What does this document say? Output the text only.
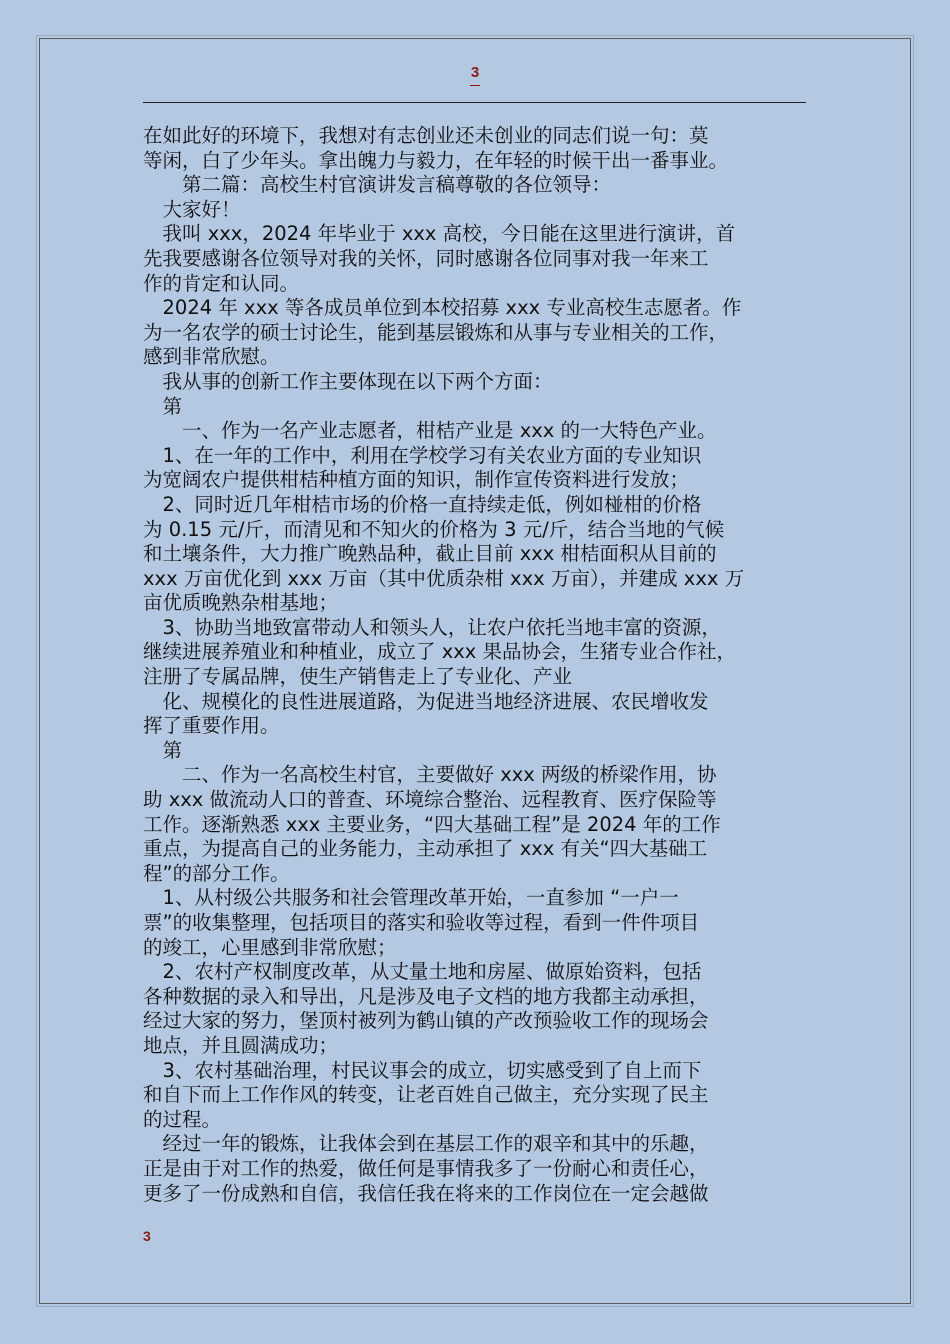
3
在如此好的环境下，我想对有志创业还未创业的同志们说一句：莫
等闲，白了少年头。拿出魄力与毅力，在年轻的时候干出一番事业。
　　第二篇：高校生村官演讲发言稿尊敬的各位领导：
　大家好！
　我叫 xxx，2024 年毕业于 xxx 高校，今日能在这里进行演讲，首
先我要感谢各位领导对我的关怀，同时感谢各位同事对我一年来工
作的肯定和认同。
　2024 年 xxx 等各成员单位到本校招募 xxx 专业高校生志愿者。作
为一名农学的硕士讨论生，能到基层锻炼和从事与专业相关的工作，
感到非常欣慰。
　我从事的创新工作主要体现在以下两个方面：
　第
　　一、作为一名产业志愿者，柑桔产业是 xxx 的一大特色产业。
　1、在一年的工作中，利用在学校学习有关农业方面的专业知识
为宽阔农户提供柑桔种植方面的知识，制作宣传资料进行发放；
　2、同时近几年柑桔市场的价格一直持续走低，例如椪柑的价格
为 0.15 元/斤，而清见和不知火的价格为 3 元/斤，结合当地的气候
和土壤条件，大力推广晚熟品种，截止目前 xxx 柑桔面积从目前的
xxx 万亩优化到 xxx 万亩（其中优质杂柑 xxx 万亩），并建成 xxx 万
亩优质晚熟杂柑基地；
　3、协助当地致富带动人和领头人，让农户依托当地丰富的资源，
继续进展养殖业和种植业，成立了 xxx 果品协会，生猪专业合作社，
注册了专属品牌，使生产销售走上了专业化、产业
　化、规模化的良性进展道路，为促进当地经济进展、农民增收发
挥了重要作用。
　第
　　二、作为一名高校生村官，主要做好 xxx 两级的桥梁作用，协
助 xxx 做流动人口的普查、环境综合整治、远程教育、医疗保险等
工作。逐渐熟悉 xxx 主要业务，“四大基础工程”是 2024 年的工作
重点，为提高自己的业务能力，主动承担了 xxx 有关“四大基础工
程”的部分工作。
　1、从村级公共服务和社会管理改革开始，一直参加 “一户一
票”的收集整理，包括项目的落实和验收等过程，看到一件件项目
的竣工，心里感到非常欣慰；
　2、农村产权制度改革，从丈量土地和房屋、做原始资料，包括
各种数据的录入和导出，凡是涉及电子文档的地方我都主动承担，
经过大家的努力，堡顶村被列为鹤山镇的产改预验收工作的现场会
地点，并且圆满成功；
　3、农村基础治理，村民议事会的成立，切实感受到了自上而下
和自下而上工作作风的转变，让老百姓自己做主，充分实现了民主
的过程。
　经过一年的锻炼，让我体会到在基层工作的艰辛和其中的乐趣，
正是由于对工作的热爱，做任何是事情我多了一份耐心和责任心，
更多了一份成熟和自信，我信任我在将来的工作岗位在一定会越做
3
